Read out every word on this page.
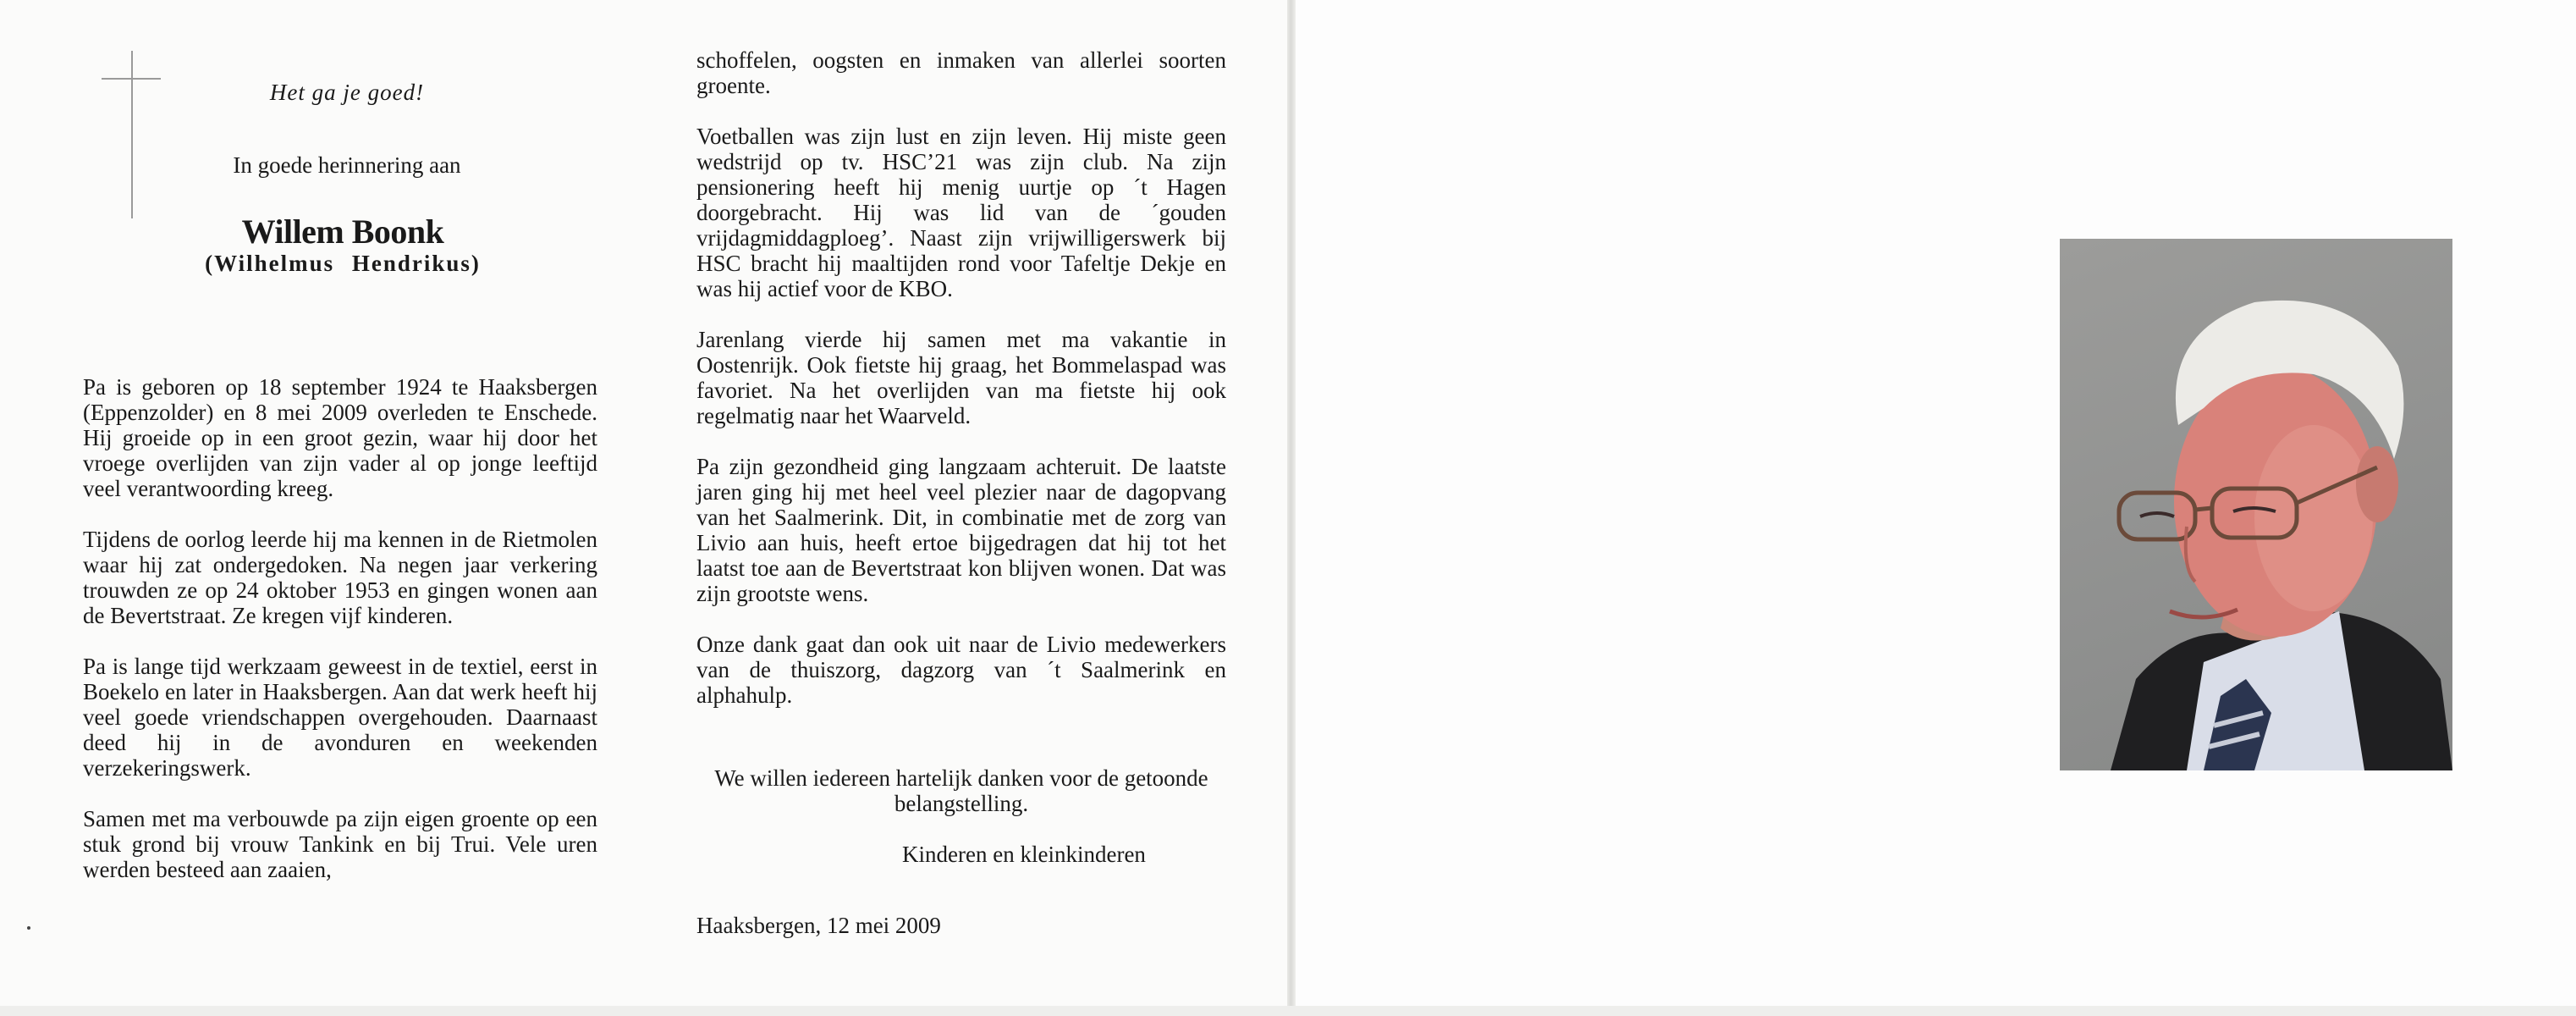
Het ga je goed!
In goede herinnering aan
Willem Boonk
(Wilhelmus Hendrikus)

Pa is geboren op 18 september 1924 te Haaksbergen (Eppenzolder) en 8 mei 2009 overleden te Enschede. Hij groeide op in een groot gezin, waar hij door het vroege overlijden van zijn vader al op jonge leeftijd veel verantwoording kreeg.

Tijdens de oorlog leerde hij ma kennen in de Rietmolen waar hij zat ondergedoken. Na negen jaar verkering trouwden ze op 24 oktober 1953 en gingen wonen aan de Bevertstraat. Ze kregen vijf kinderen.

Pa is lange tijd werkzaam geweest in de textiel, eerst in Boekelo en later in Haaksbergen. Aan dat werk heeft hij veel goede vriendschappen overgehouden. Daarnaast deed hij in de avonduren en weekenden verzekeringswerk.

Samen met ma verbouwde pa zijn eigen groente op een stuk grond bij vrouw Tankink en bij Trui. Vele uren werden besteed aan zaaien,

schoffelen, oogsten en inmaken van allerlei soorten groente.

Voetballen was zijn lust en zijn leven. Hij miste geen wedstrijd op tv. HSC’21 was zijn club. Na zijn pensionering heeft hij menig uurtje op ´t Hagen doorgebracht. Hij was lid van de ´gouden vrijdagmiddagploeg’. Naast zijn vrijwilligerswerk bij HSC bracht hij maaltijden rond voor Tafeltje Dekje en was hij actief voor de KBO.

Jarenlang vierde hij samen met ma vakantie in Oostenrijk. Ook fietste hij graag, het Bommelaspad was favoriet. Na het overlijden van ma fietste hij ook regelmatig naar het Waarveld.

Pa zijn gezondheid ging langzaam achteruit. De laatste jaren ging hij met heel veel plezier naar de dagopvang van het Saalmerink. Dit, in combinatie met de zorg van Livio aan huis, heeft ertoe bijgedragen dat hij tot het laatst toe aan de Bevertstraat kon blijven wonen. Dat was zijn grootste wens.

Onze dank gaat dan ook uit naar de Livio medewerkers van de thuiszorg, dagzorg van ´t Saalmerink en alphahulp.

We willen iedereen hartelijk danken voor de getoonde belangstelling.
Kinderen en kleinkinderen
Haaksbergen, 12 mei 2009
